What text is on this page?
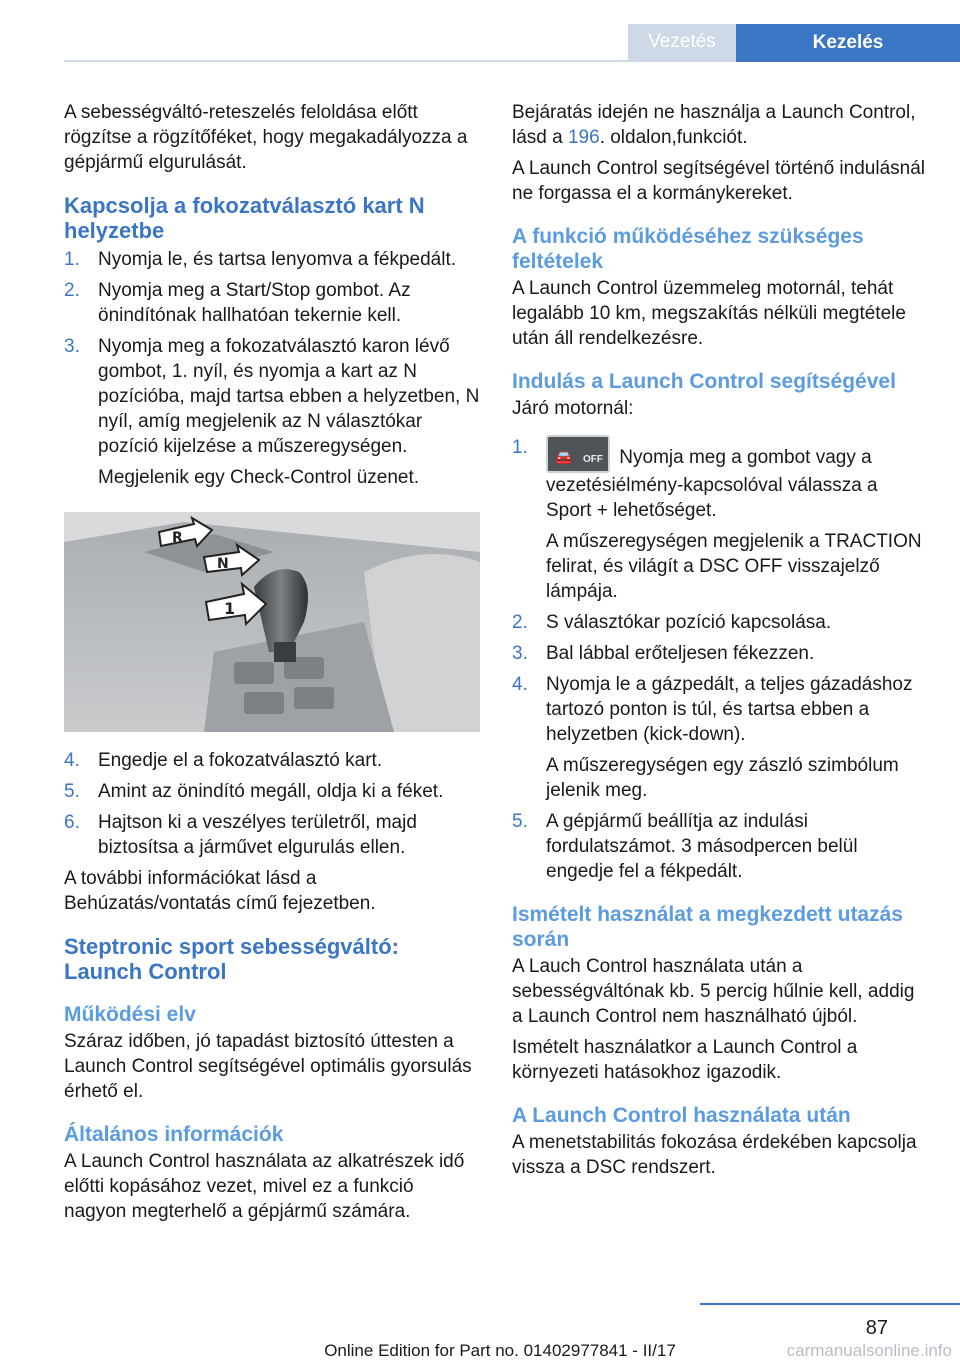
Vezetés	Kezelés

A sebességváltó-reteszelés feloldása előtt rögzítse a rögzítőféket, hogy megakadályozza a gépjármű elgurulását.

Kapcsolja a fokozatválasztó kart N helyzetbe
1. Nyomja le, és tartsa lenyomva a fékpedált.
2. Nyomja meg a Start/Stop gombot. Az önindítónak hallhatóan tekernie kell.
3. Nyomja meg a fokozatválasztó karon lévő gombot, 1. nyíl, és nyomja a kart az N pozícióba, majd tartsa ebben a helyzetben, N nyíl, amíg megjelenik az N választókar pozíció kijelzése a műszeregységen.
Megjelenik egy Check-Control üzenet.
R
N
1
4. Engedje el a fokozatválasztó kart.
5. Amint az önindító megáll, oldja ki a féket.
6. Hajtson ki a veszélyes területről, majd biztosítsa a járművet elgurulás ellen.

A további információkat lásd a Behúzatás/vontatás című fejezetben.

Steptronic sport sebességváltó: Launch Control
Működési elv

Száraz időben, jó tapadást biztosító úttesten a Launch Control segítségével optimális gyorsulás érhető el.

Általános információk

A Launch Control használata az alkatrészek idő előtti kopásához vezet, mivel ez a funkció nagyon megterhelő a gépjármű számára.

Bejáratás idején ne használja a Launch Control, lásd a 196. oldalon,funkciót.

A Launch Control segítségével történő indulásnál ne forgassa el a kormánykereket.

A funkció működéséhez szükséges feltételek

A Launch Control üzemmeleg motornál, tehát legalább 10 km, megszakítás nélküli megtétele után áll rendelkezésre.

Indulás a Launch Control segítségével

Járó motornál:

1. 🚘 OFF Nyomja meg a gombot vagy a vezetésiélmény-kapcsolóval válassza a Sport + lehetőséget.
A műszeregységen megjelenik a TRACTION felirat, és világít a DSC OFF visszajelző lámpája.
2. S választókar pozíció kapcsolása.
3. Bal lábbal erőteljesen fékezzen.
4. Nyomja le a gázpedált, a teljes gázadáshoz tartozó ponton is túl, és tartsa ebben a helyzetben (kick-down).
A műszeregységen egy zászló szimbólum jelenik meg.
5. A gépjármű beállítja az indulási fordulatszámot. 3 másodpercen belül engedje fel a fékpedált.
Ismételt használat a megkezdett utazás során

A Lauch Control használata után a sebességváltónak kb. 5 percig hűlnie kell, addig a Launch Control nem használható újból.

Ismételt használatkor a Launch Control a környezeti hatásokhoz igazodik.

A Launch Control használata után

A menetstabilitás fokozása érdekében kapcsolja vissza a DSC rendszert.

87
Online Edition for Part no. 01402977841 - II/17	carmanualsonline.info
